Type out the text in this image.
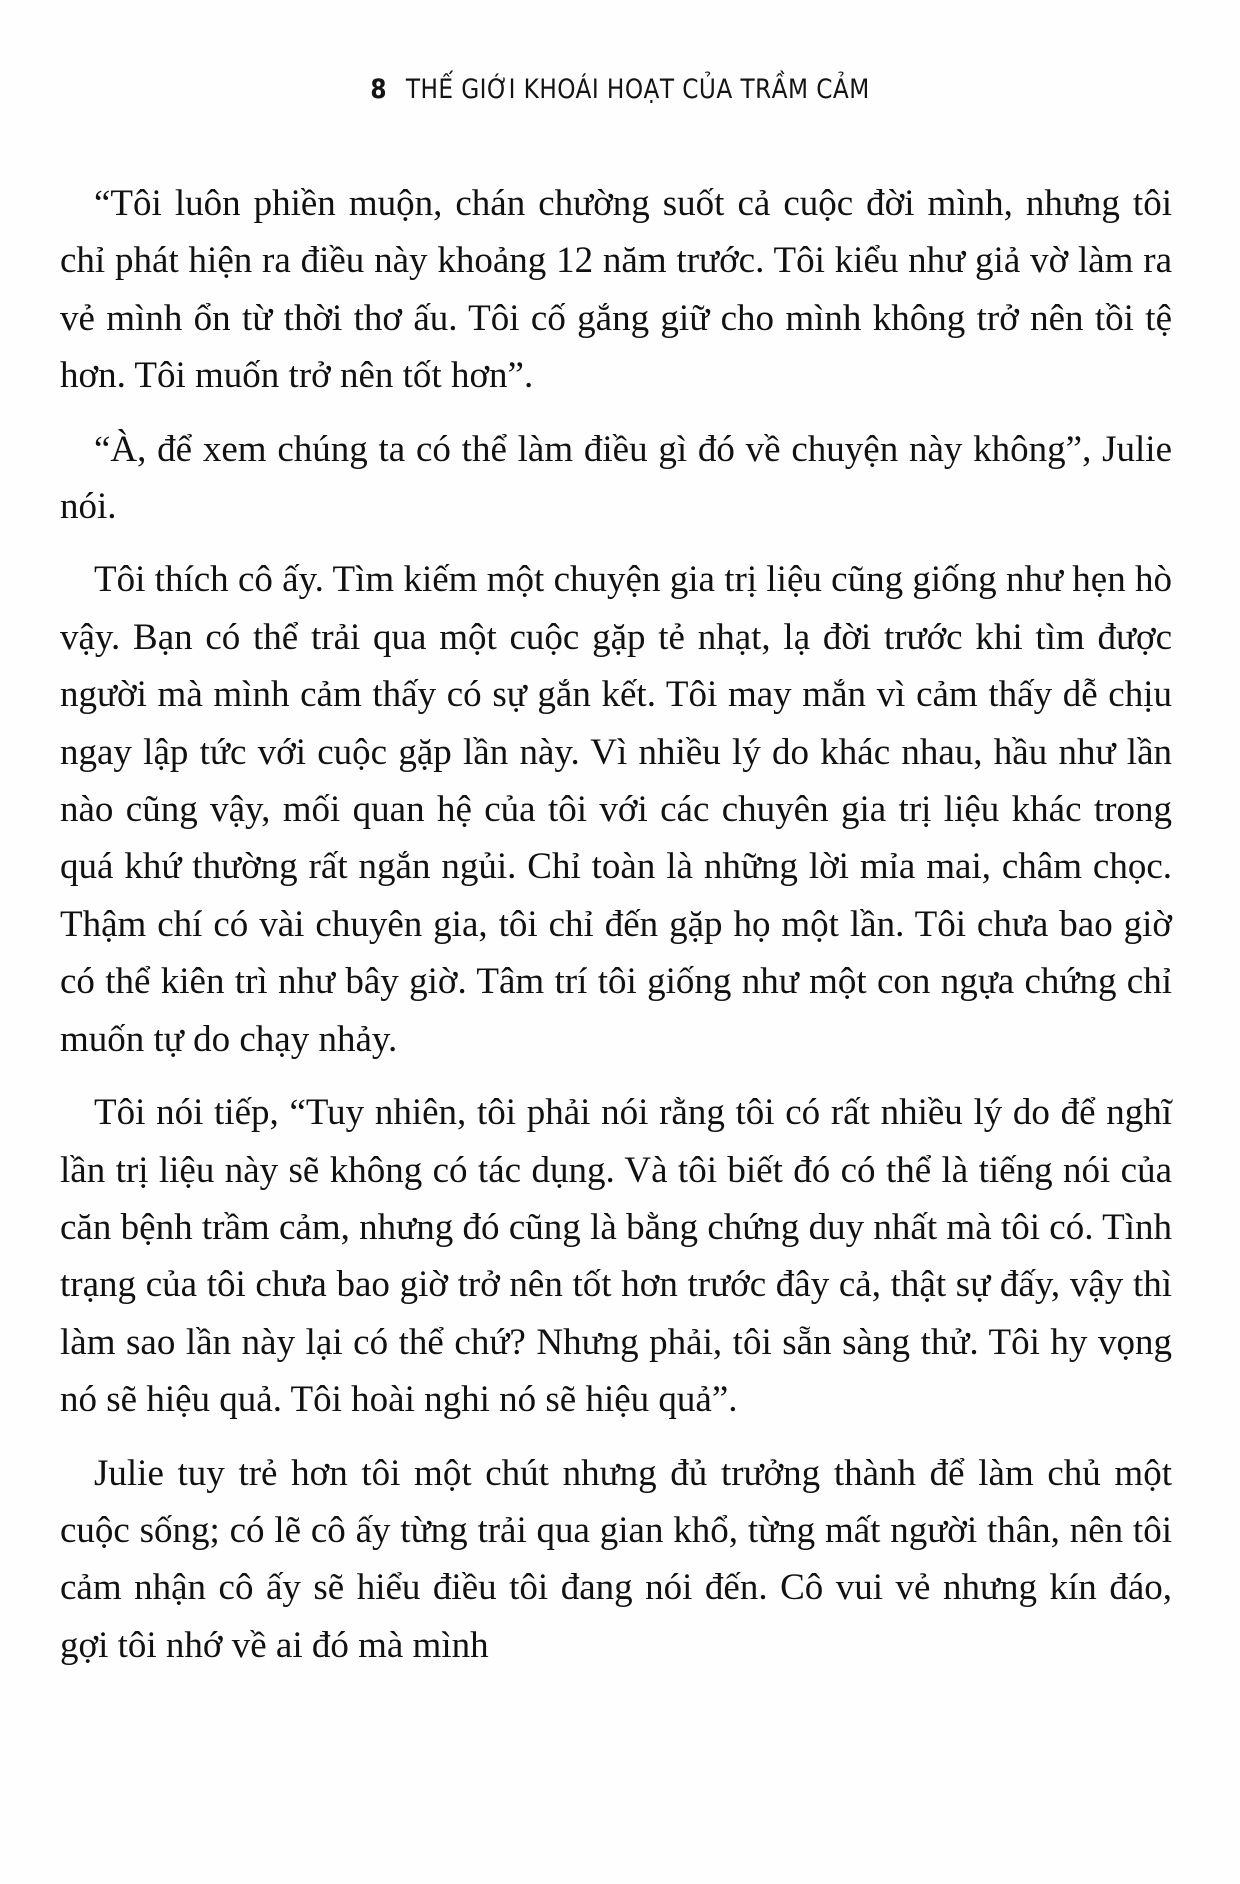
8 THẾ GIỚI KHOÁI HOẠT CỦA TRẦM CẢM

“Tôi luôn phiền muộn, chán chường suốt cả cuộc đời mình, nhưng tôi chỉ phát hiện ra điều này khoảng 12 năm trước. Tôi kiểu như giả vờ làm ra vẻ mình ổn từ thời thơ ấu. Tôi cố gắng giữ cho mình không trở nên tồi tệ hơn. Tôi muốn trở nên tốt hơn”.

“À, để xem chúng ta có thể làm điều gì đó về chuyện này không”, Julie nói.

Tôi thích cô ấy. Tìm kiếm một chuyện gia trị liệu cũng giống như hẹn hò vậy. Bạn có thể trải qua một cuộc gặp tẻ nhạt, lạ đời trước khi tìm được người mà mình cảm thấy có sự gắn kết. Tôi may mắn vì cảm thấy dễ chịu ngay lập tức với cuộc gặp lần này. Vì nhiều lý do khác nhau, hầu như lần nào cũng vậy, mối quan hệ của tôi với các chuyên gia trị liệu khác trong quá khứ thường rất ngắn ngủi. Chỉ toàn là những lời mỉa mai, châm chọc. Thậm chí có vài chuyên gia, tôi chỉ đến gặp họ một lần. Tôi chưa bao giờ có thể kiên trì như bây giờ. Tâm trí tôi giống như một con ngựa chứng chỉ muốn tự do chạy nhảy.

Tôi nói tiếp, “Tuy nhiên, tôi phải nói rằng tôi có rất nhiều lý do để nghĩ lần trị liệu này sẽ không có tác dụng. Và tôi biết đó có thể là tiếng nói của căn bệnh trầm cảm, nhưng đó cũng là bằng chứng duy nhất mà tôi có. Tình trạng của tôi chưa bao giờ trở nên tốt hơn trước đây cả, thật sự đấy, vậy thì làm sao lần này lại có thể chứ? Nhưng phải, tôi sẵn sàng thử. Tôi hy vọng nó sẽ hiệu quả. Tôi hoài nghi nó sẽ hiệu quả”.

Julie tuy trẻ hơn tôi một chút nhưng đủ trưởng thành để làm chủ một cuộc sống; có lẽ cô ấy từng trải qua gian khổ, từng mất người thân, nên tôi cảm nhận cô ấy sẽ hiểu điều tôi đang nói đến. Cô vui vẻ nhưng kín đáo, gợi tôi nhớ về ai đó mà mình
